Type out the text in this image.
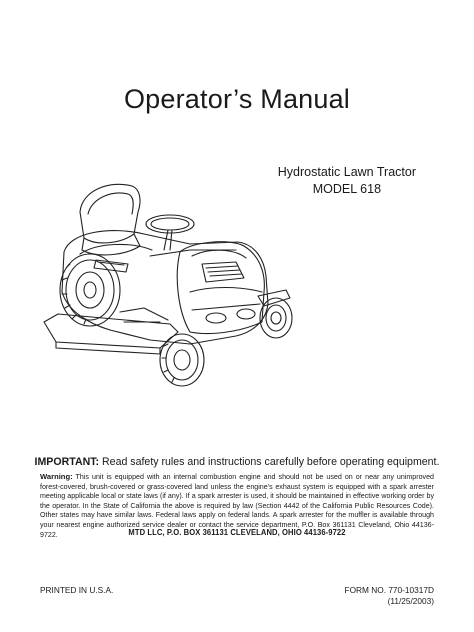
Operator’s Manual
Hydrostatic Lawn Tractor
MODEL 618
IMPORTANT: Read safety rules and instructions carefully before operating equipment.
Warning: This unit is equipped with an internal combustion engine and should not be used on or near any unimproved forest-covered, brush-covered or grass-covered land unless the engine’s exhaust system is equipped with a spark arrester meeting applicable local or state laws (if any). If a spark arrester is used, it should be maintained in effective working order by the operator. In the State of California the above is required by law (Section 4442 of the California Public Resources Code). Other states may have similar laws. Federal laws apply on federal lands. A spark arrester for the muffler is available through your nearest engine authorized service dealer or contact the service department, P.O. Box 361131 Cleveland, Ohio 44136-9722.	MTD LLC, P.O. BOX 361131 CLEVELAND, OHIO 44136-9722
PRINTED IN U.S.A.	FORM NO. 770-10317D
(11/25/2003)
